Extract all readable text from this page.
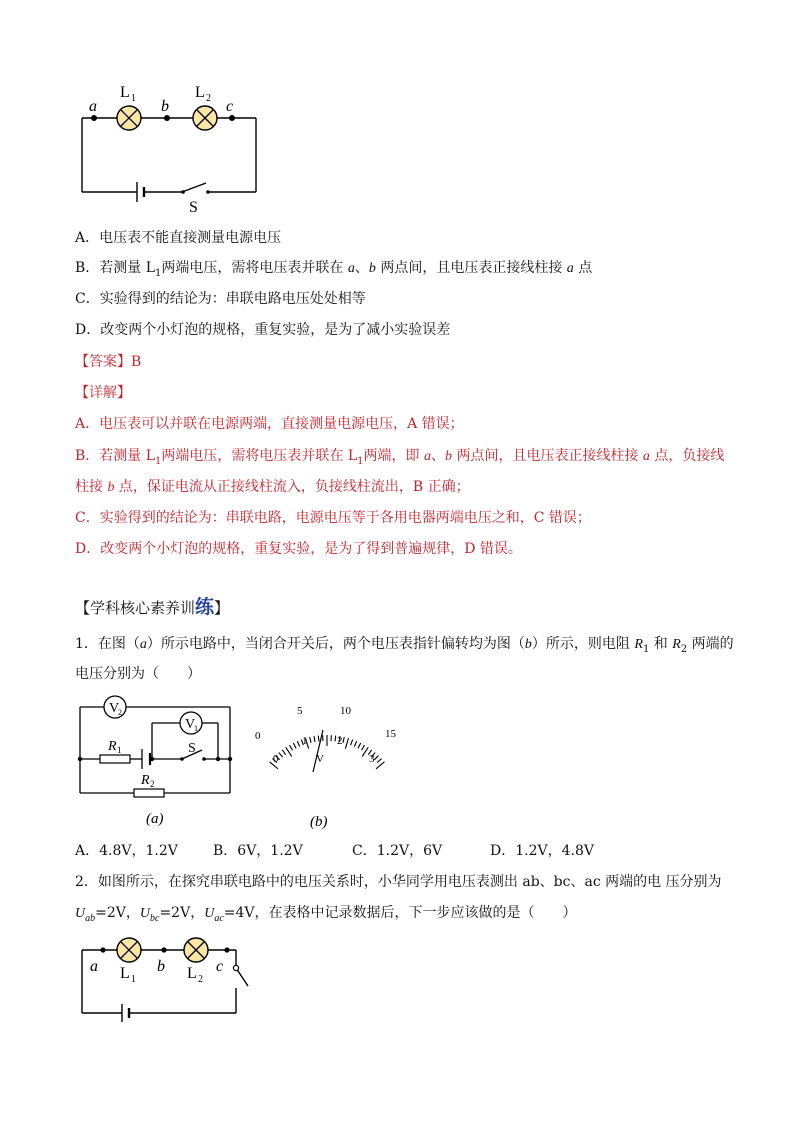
a	b	c
L 1	L 2
S
A．电压表不能直接测量电源电压
B．若测量 $L_1$两端电压，需将电压表并联在 a、b 两点间，且电压表正接线柱接 a 点
C．实验得到的结论为：串联电路电压处处相等
D．改变两个小灯泡的规格，重复实验，是为了减小实验误差
【答案】B
【详解】
A．电压表可以并联在电源两端，直接测量电源电压，A 错误；
B．若测量 $L_1$两端电压，需将电压表并联在 $L_1$两端，即 a、b 两点间，且电压表正接线柱接 a 点，负接线
柱接 b 点，保证电流从正接线柱流入，负接线柱流出，B 正确；
C．实验得到的结论为：串联电路，电源电压等于各用电器两端电压之和，C 错误；
D．改变两个小灯泡的规格，重复实验，是为了得到普遍规律，D 错误。
【学科核心素养训练】
1．在图（a）所示电路中，当闭合开关后，两个电压表指针偏转均为图（b）所示，则电阻 $R_1$ 和 $R_2$ 两端的
电压分别为（　　）
V
2
V
1
R 1
R 2
S
(a)
0
5	10
15
0
1	2
3
V
(b)
A．4.8V，1.2V	B．6V，1.2V	C．1.2V，6V	D．1.2V，4.8V
2．如图所示，在探究串联电路中的电压关系时，小华同学用电压表测出 ab、bc、ac 两端的电 压分别为
$U_{ab}=2V$，$U_{bc}=2V$，$U_{ac}=4V$，在表格中记录数据后，下一步应该做的是（　　）
a	b	c
L 1	L 2
